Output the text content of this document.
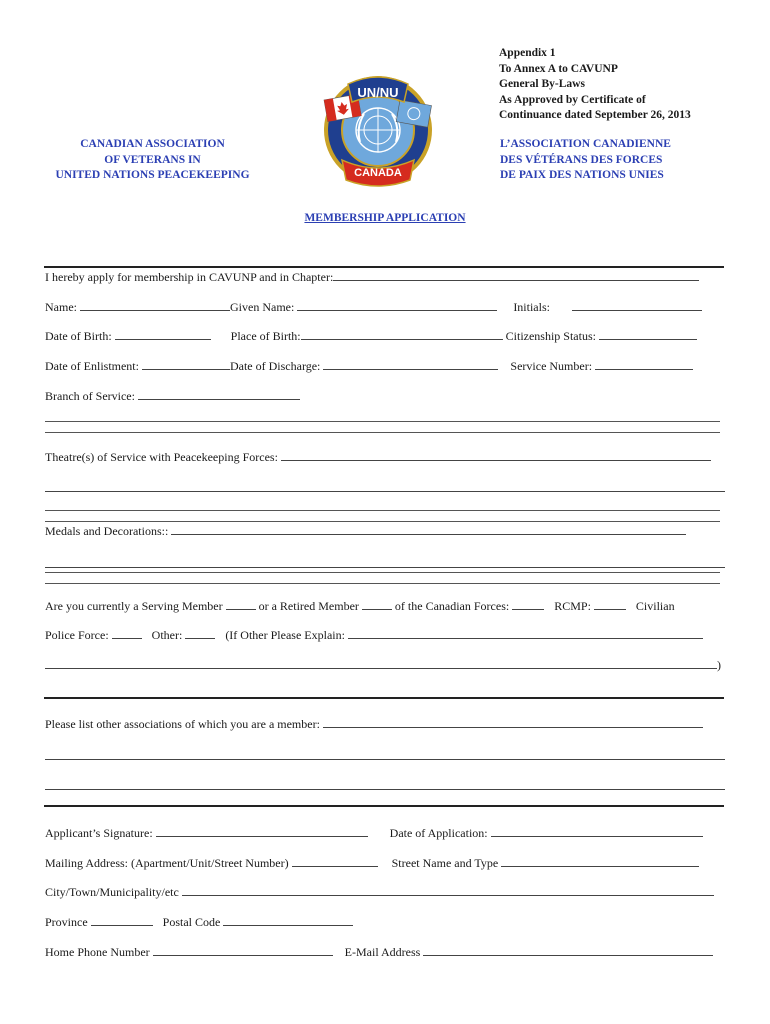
Appendix 1
To Annex A to CAVUNP
General By-Laws
As Approved by Certificate of
Continuance dated September 26, 2013
UN/NU
CANADA
CANADIAN ASSOCIATION
OF VETERANS IN
UNITED NATIONS PEACEKEEPING
L’ASSOCIATION CANADIENNE
DES VÉTÉRANS DES FORCES
DE PAIX DES NATIONS UNIES
MEMBERSHIP APPLICATION
I hereby apply for membership in CAVUNP and in Chapter:
Name:	Given Name:	Initials:
Date of Birth:	Place of Birth:	Citizenship Status:
Date of Enlistment:	Date of Discharge:	Service Number:
Branch of Service:
Theatre(s) of Service with Peacekeeping Forces:
Medals and Decorations::
Are you currently a Serving Member	or a Retired Member	of the Canadian Forces:	RCMP:	Civilian
Police Force:	Other:	(If Other Please Explain:
)
Please list other associations of which you are a member:
Applicant’s Signature:	Date of Application:
Mailing Address: (Apartment/Unit/Street Number)	Street Name and Type
City/Town/Municipality/etc
Province	Postal Code
Home Phone Number	E-Mail Address
